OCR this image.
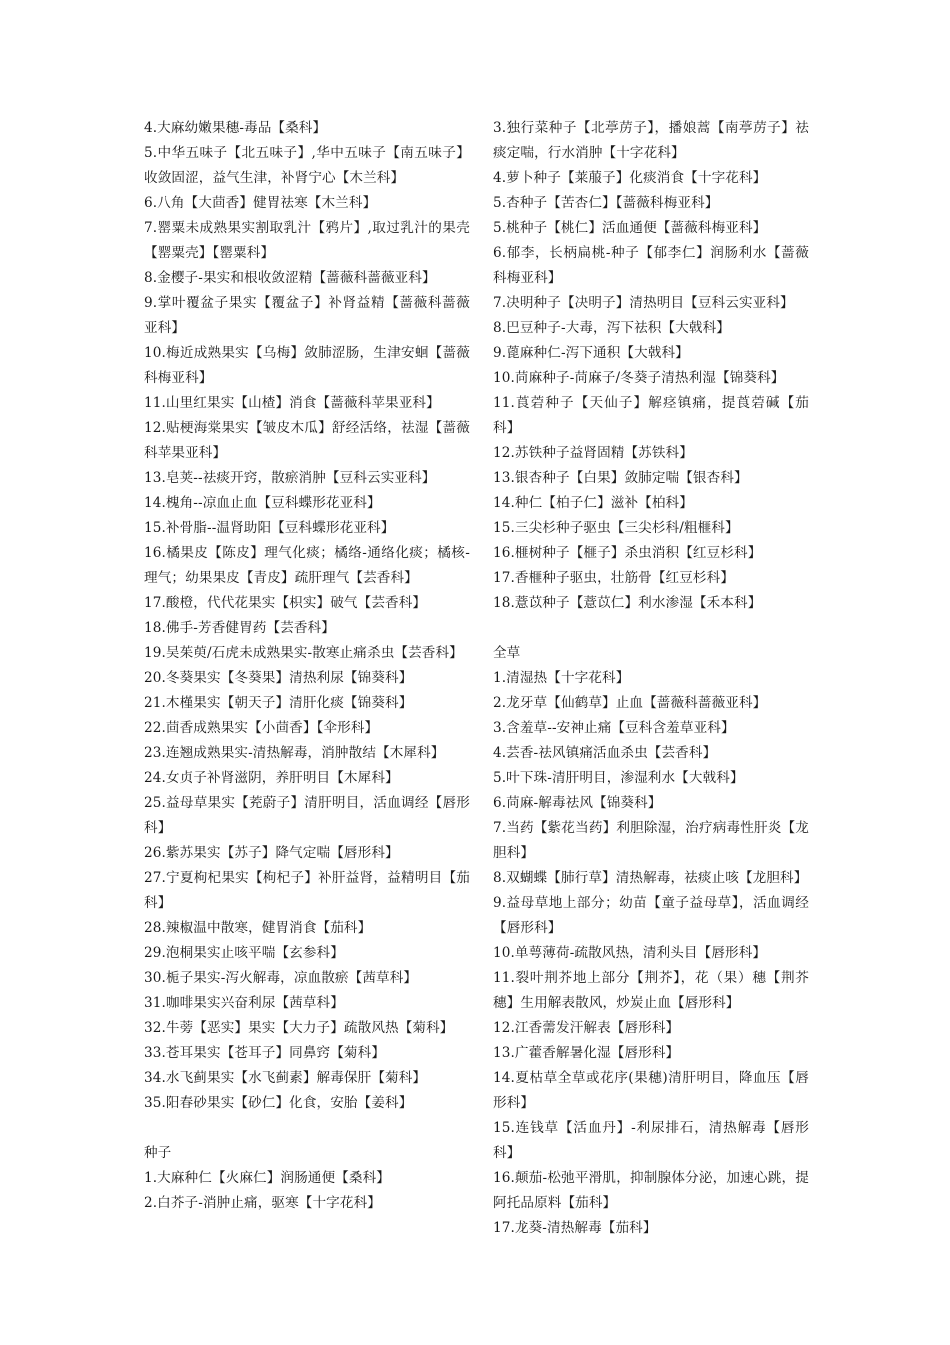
4.大麻幼嫩果穗-毒品【桑科】

5.中华五味子【北五味子】,华中五味子【南五味子】收敛固涩，益气生津，补肾宁心【木兰科】

6.八角【大茴香】健胃祛寒【木兰科】

7.罂粟未成熟果实割取乳汁【鸦片】,取过乳汁的果壳【罂粟壳】【罂粟科】

8.金樱子-果实和根收敛涩精【蔷薇科蔷薇亚科】

9.掌叶覆盆子果实【覆盆子】补肾益精【蔷薇科蔷薇亚科】

10.梅近成熟果实【乌梅】敛肺涩肠，生津安蛔【蔷薇科梅亚科】

11.山里红果实【山楂】消食【蔷薇科苹果亚科】

12.贴梗海棠果实【皱皮木瓜】舒经活络，祛湿【蔷薇科苹果亚科】

13.皂荚--祛痰开窍，散瘀消肿【豆科云实亚科】

14.槐角--凉血止血【豆科蝶形花亚科】

15.补骨脂--温肾助阳【豆科蝶形花亚科】

16.橘果皮【陈皮】理气化痰；橘络-通络化痰；橘核-理气；幼果果皮【青皮】疏肝理气【芸香科】

17.酸橙，代代花果实【枳实】破气【芸香科】

18.佛手-芳香健胃药【芸香科】

19.吴茱萸/石虎未成熟果实-散寒止痛杀虫【芸香科】

20.冬葵果实【冬葵果】清热利尿【锦葵科】

21.木槿果实【朝天子】清肝化痰【锦葵科】

22.茴香成熟果实【小茴香】【伞形科】

23.连翘成熟果实-清热解毒，消肿散结【木犀科】

24.女贞子补肾滋阴，养肝明目【木犀科】

25.益母草果实【茺蔚子】清肝明目，活血调经【唇形科】

26.紫苏果实【苏子】降气定喘【唇形科】

27.宁夏枸杞果实【枸杞子】补肝益肾，益精明目【茄科】

28.辣椒温中散寒，健胃消食【茄科】

29.泡桐果实止咳平喘【玄参科】

30.栀子果实-泻火解毒，凉血散瘀【茜草科】

31.咖啡果实兴奋利尿【茜草科】

32.牛蒡【恶实】果实【大力子】疏散风热【菊科】

33.苍耳果实【苍耳子】同鼻窍【菊科】

34.水飞蓟果实【水飞蓟素】解毒保肝【菊科】

35.阳春砂果实【砂仁】化食，安胎【姜科】

种子

1.大麻种仁【火麻仁】润肠通便【桑科】

2.白芥子-消肿止痛，驱寒【十字花科】

3.独行菜种子【北葶苈子】，播娘蒿【南葶苈子】祛痰定喘，行水消肿【十字花科】

4.萝卜种子【莱菔子】化痰消食【十字花科】

5.杏种子【苦杏仁】【蔷薇科梅亚科】

5.桃种子【桃仁】活血通便【蔷薇科梅亚科】

6.郁李，长柄扁桃-种子【郁李仁】润肠利水【蔷薇科梅亚科】

7.决明种子【决明子】清热明目【豆科云实亚科】

8.巴豆种子-大毒，泻下祛积【大戟科】

9.蓖麻种仁-泻下通积【大戟科】

10.苘麻种子-苘麻子/冬葵子清热利湿【锦葵科】

11.莨菪种子【天仙子】解痉镇痛，提莨菪碱【茄科】

12.苏铁种子益肾固精【苏铁科】

13.银杏种子【白果】敛肺定喘【银杏科】

14.种仁【柏子仁】滋补【柏科】

15.三尖杉种子驱虫【三尖杉科/粗榧科】

16.榧树种子【榧子】杀虫消积【红豆杉科】

17.香榧种子驱虫，壮筋骨【红豆杉科】

18.薏苡种子【薏苡仁】利水渗湿【禾本科】

全草

1.清湿热【十字花科】

2.龙牙草【仙鹤草】止血【蔷薇科蔷薇亚科】

3.含羞草--安神止痛【豆科含羞草亚科】

4.芸香-祛风镇痛活血杀虫【芸香科】

5.叶下珠-清肝明目，渗湿利水【大戟科】

6.苘麻-解毒祛风【锦葵科】

7.当药【紫花当药】利胆除湿，治疗病毒性肝炎【龙胆科】

8.双蝴蝶【肺行草】清热解毒，祛痰止咳【龙胆科】

9.益母草地上部分；幼苗【童子益母草】，活血调经【唇形科】

10.单萼薄荷-疏散风热，清利头目【唇形科】

11.裂叶荆芥地上部分【荆芥】，花（果）穗【荆芥穗】生用解表散风，炒炭止血【唇形科】

12.江香薷发汗解表【唇形科】

13.广藿香解暑化湿【唇形科】

14.夏枯草全草或花序(果穗)清肝明目，降血压【唇形科】

15.连钱草【活血丹】-利尿排石，清热解毒【唇形科】

16.颠茄-松弛平滑肌，抑制腺体分泌，加速心跳，提阿托品原料【茄科】

17.龙葵-清热解毒【茄科】
